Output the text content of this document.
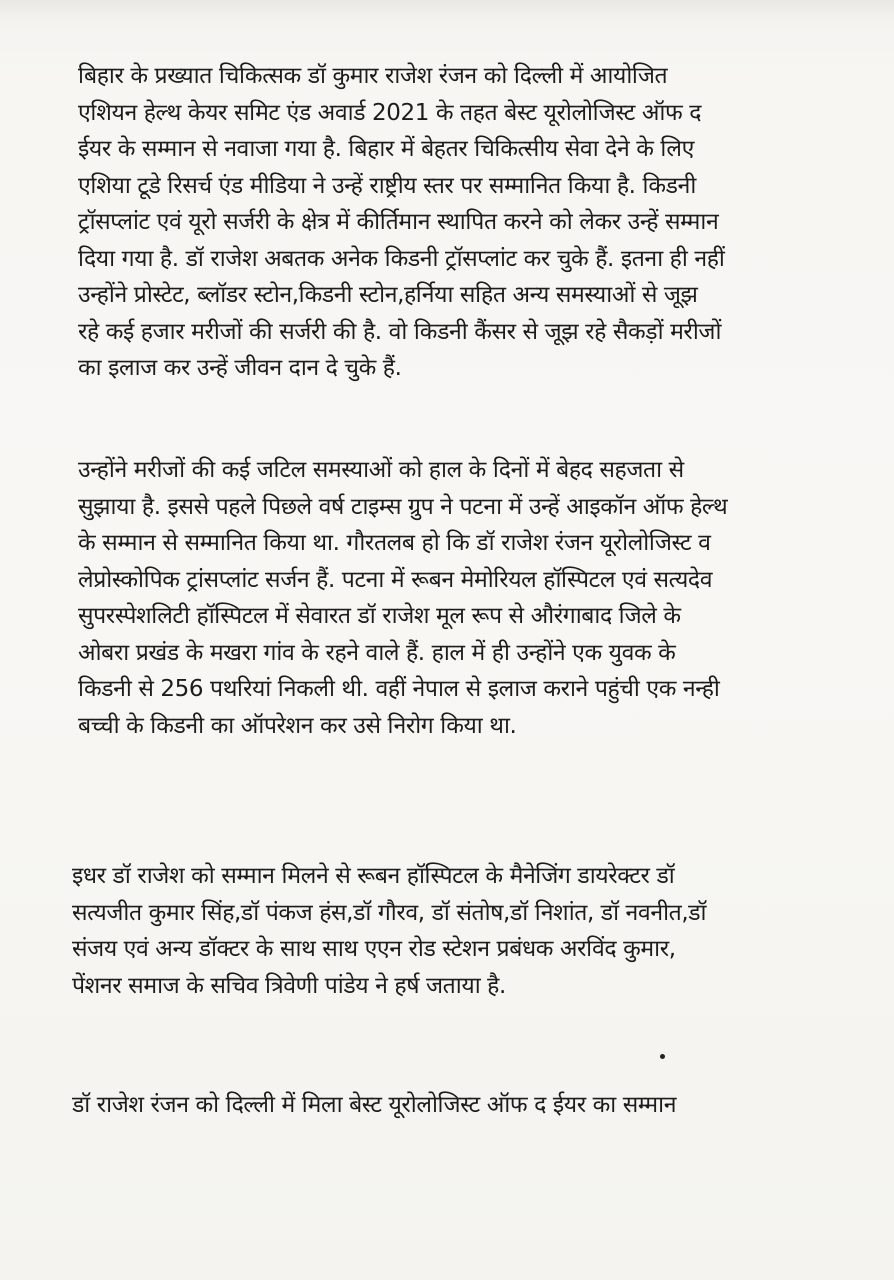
बिहार के प्रख्यात चिकित्सक डॉ कुमार राजेश रंजन को दिल्ली में आयोजित
एशियन हेल्थ केयर समिट एंड अवार्ड 2021 के तहत बेस्ट यूरोलोजिस्ट ऑफ द
ईयर के सम्मान से नवाजा गया है. बिहार में बेहतर चिकित्सीय सेवा देने के लिए
एशिया टूडे रिसर्च एंड मीडिया ने उन्हें राष्ट्रीय स्तर पर सम्मानित किया है. किडनी
ट्रॉसप्लांट एवं यूरो सर्जरी के क्षेत्र में कीर्तिमान स्थापित करने को लेकर उन्हें सम्मान
दिया गया है. डॉ राजेश अबतक अनेक किडनी ट्रॉसप्लांट कर चुके हैं. इतना ही नहीं
उन्होंने प्रोस्टेट, ब्लॉडर स्टोन,किडनी स्टोन,हर्निया सहित अन्य समस्याओं से जूझ
रहे कई हजार मरीजों की सर्जरी की है. वो किडनी कैंसर से जूझ रहे सैकड़ों मरीजों
का इलाज कर उन्हें जीवन दान दे चुके हैं.

उन्होंने मरीजों की कई जटिल समस्याओं को हाल के दिनों में बेहद सहजता से
सुझाया है. इससे पहले पिछले वर्ष टाइम्स ग्रुप ने पटना में उन्हें आइकॉन ऑफ हेल्थ
के सम्मान से सम्मानित किया था. गौरतलब हो कि डॉ राजेश रंजन यूरोलोजिस्ट व
लेप्रोस्कोपिक ट्रांसप्लांट सर्जन हैं. पटना में रूबन मेमोरियल हॉस्पिटल एवं सत्यदेव
सुपरस्पेशलिटी हॉस्पिटल में सेवारत डॉ राजेश मूल रूप से औरंगाबाद जिले के
ओबरा प्रखंड के मखरा गांव के रहने वाले हैं. हाल में ही उन्होंने एक युवक के
किडनी से 256 पथरियां निकली थी. वहीं नेपाल से इलाज कराने पहुंची एक नन्ही
बच्ची के किडनी का ऑपरेशन कर उसे निरोग किया था.

इधर डॉ राजेश को सम्मान मिलने से रूबन हॉस्पिटल के मैनेजिंग डायरेक्टर डॉ
सत्यजीत कुमार सिंह,डॉ पंकज हंस,डॉ गौरव, डॉ संतोष,डॉ निशांत, डॉ नवनीत,डॉ
संजय एवं अन्य डॉक्टर के साथ साथ एएन रोड स्टेशन प्रबंधक अरविंद कुमार,
पेंशनर समाज के सचिव त्रिवेणी पांडेय ने हर्ष जताया है.

डॉ राजेश रंजन को दिल्ली में मिला बेस्ट यूरोलोजिस्ट ऑफ द ईयर का सम्मान
